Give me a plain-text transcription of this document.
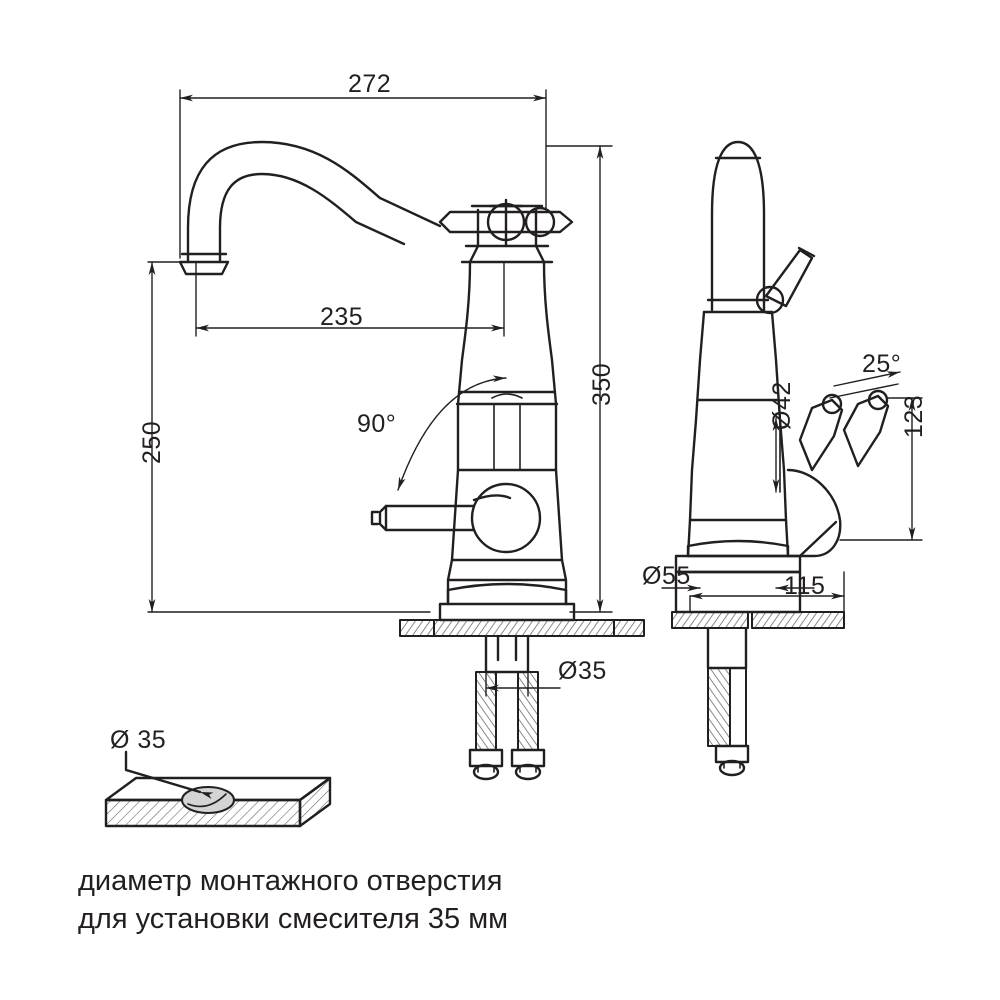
272
235
350
250	90°
Ø35
25°
Ø42	123
Ø55	115
Ø 35
диаметр монтажного отверстия
для установки смесителя 35 мм
